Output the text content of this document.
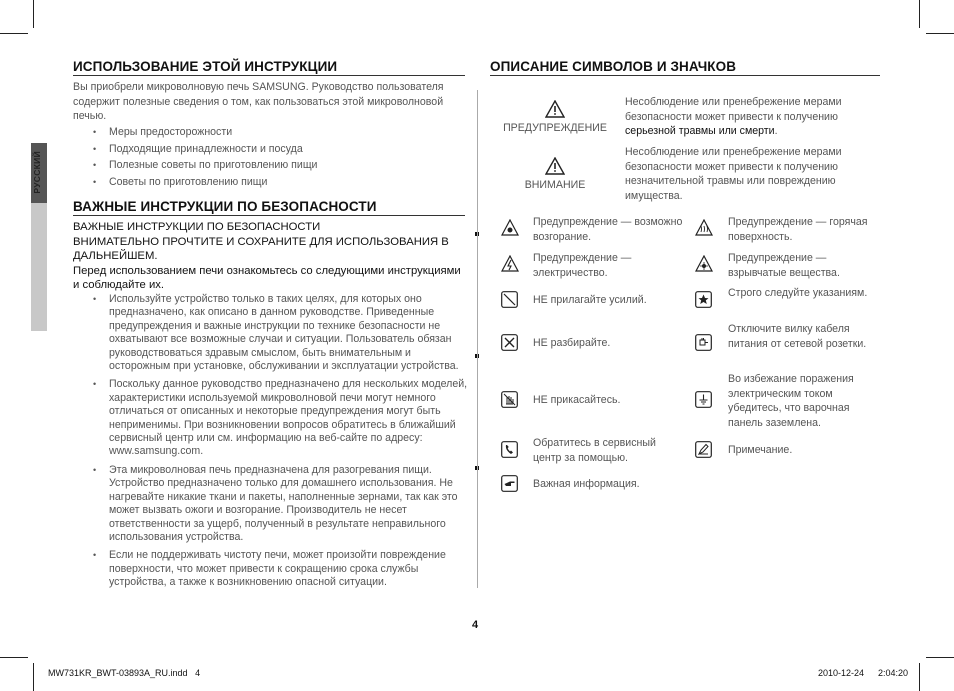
РУССКИЙ
ИСПОЛЬЗОВАНИЕ ЭТОЙ ИНСТРУКЦИИ
Вы приобрели микроволновую печь SAMSUNG. Руководство пользователя содержит полезные сведения о том, как пользоваться этой микроволновой печью.
• Меры предосторожности
• Подходящие принадлежности и посуда
• Полезные советы по приготовлению пищи
• Советы по приготовлению пищи
ВАЖНЫЕ ИНСТРУКЦИИ ПО БЕЗОПАСНОСТИ
ВАЖНЫЕ ИНСТРУКЦИИ ПО БЕЗОПАСНОСТИ
ВНИМАТЕЛЬНО ПРОЧТИТЕ И СОХРАНИТЕ ДЛЯ ИСПОЛЬЗОВАНИЯ В ДАЛЬНЕЙШЕМ.
Перед использованием печи ознакомьтесь со следующими инструкциями и соблюдайте их.
• Используйте устройство только в таких целях, для которых оно предназначено, как описано в данном руководстве. Приведенные предупреждения и важные инструкции по технике безопасности не охватывают все возможные случаи и ситуации. Пользователь обязан руководствоваться здравым смыслом, быть внимательным и осторожным при установке, обслуживании и эксплуатации устройства.
• Поскольку данное руководство предназначено для нескольких моделей, характеристики используемой микроволновой печи могут немного отличаться от описанных и некоторые предупреждения могут быть неприменимы. При возникновении вопросов обратитесь в ближайший сервисный центр или см. информацию на веб-сайте по адресу: www.samsung.com.
• Эта микроволновая печь предназначена для разогревания пищи. Устройство предназначено только для домашнего использования. Не нагревайте никакие ткани и пакеты, наполненные зернами, так как это может вызвать ожоги и возгорание. Производитель не несет ответственности за ущерб, полученный в результате неправильного использования устройства.
• Если не поддерживать чистоту печи, может произойти повреждение поверхности, что может привести к сокращению срока службы устройства, а также к возникновению опасной ситуации.
ОПИСАНИЕ СИМВОЛОВ И ЗНАЧКОВ
ПРЕДУПРЕЖДЕНИЕ
Несоблюдение или пренебрежение мерами безопасности может привести к получению серьезной травмы или смерти.
ВНИМАНИЕ
Несоблюдение или пренебрежение мерами безопасности может привести к получению незначительной травмы или повреждению имущества.
Предупреждение — возможно возгорание.
Предупреждение — горячая поверхность.
Предупреждение — электричество.
Предупреждение — взрывчатые вещества.
НЕ прилагайте усилий.
Строго следуйте указаниям.
НЕ разбирайте.
Отключите вилку кабеля питания от сетевой розетки.
НЕ прикасайтесь.
Во избежание поражения электрическим током убедитесь, что варочная панель заземлена.
Обратитесь в сервисный центр за помощью.
Примечание.
Важная информация.
4
MW731KR_BWT-03893A_RU.indd   4	2010-12-24 2:04:20
